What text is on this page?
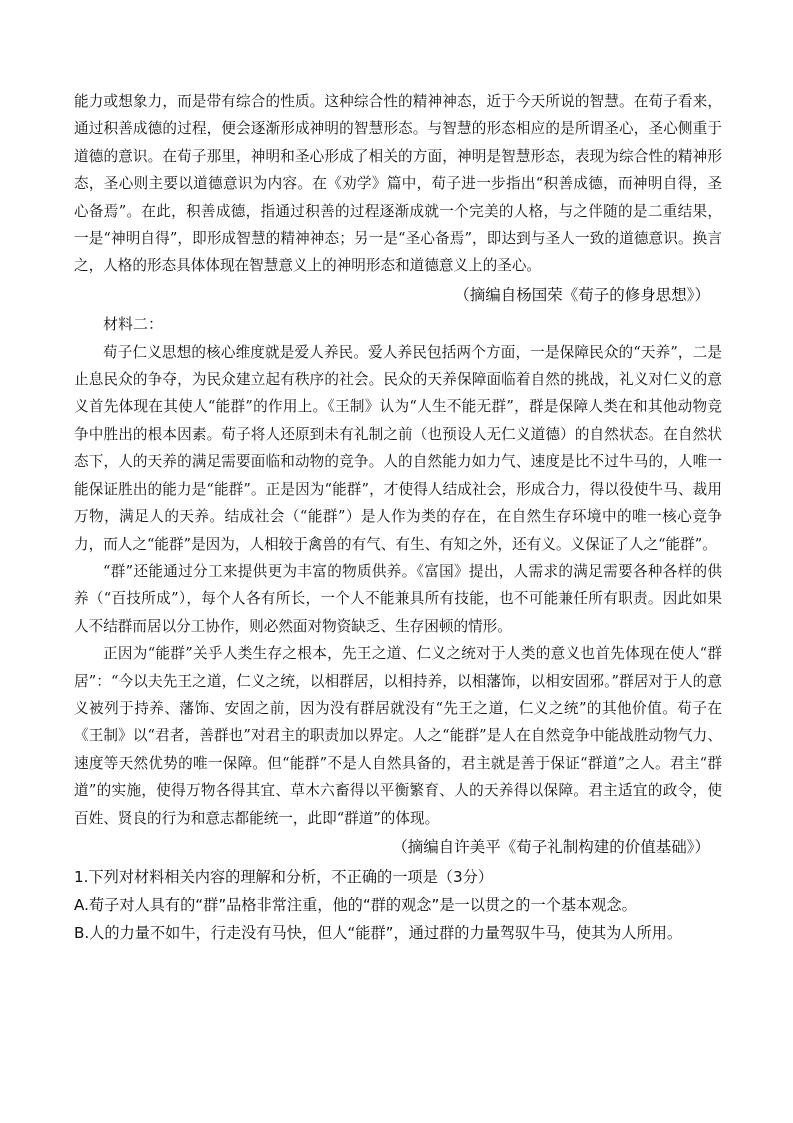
能力或想象力，而是带有综合的性质。这种综合性的精神神态，近于今天所说的智慧。在荀子看来，通过积善成德的过程，便会逐渐形成神明的智慧形态。与智慧的形态相应的是所谓圣心，圣心侧重于道德的意识。在荀子那里，神明和圣心形成了相关的方面，神明是智慧形态，表现为综合性的精神形态，圣心则主要以道德意识为内容。在《劝学》篇中，荀子进一步指出“积善成德，而神明自得，圣心备焉”。在此，积善成德，指通过积善的过程逐渐成就一个完美的人格，与之伴随的是二重结果，一是“神明自得”，即形成智慧的精神神态；另一是“圣心备焉”，即达到与圣人一致的道德意识。换言之，人格的形态具体体现在智慧意义上的神明形态和道德意义上的圣心。

（摘编自杨国荣《荀子的修身思想》）

材料二：

荀子仁义思想的核心维度就是爱人养民。爱人养民包括两个方面，一是保障民众的“天养”，二是止息民众的争夺，为民众建立起有秩序的社会。民众的天养保障面临着自然的挑战，礼义对仁义的意义首先体现在其使人“能群”的作用上。《王制》认为“人生不能无群”，群是保障人类在和其他动物竞争中胜出的根本因素。荀子将人还原到未有礼制之前（也预设人无仁义道德）的自然状态。在自然状态下，人的天养的满足需要面临和动物的竞争。人的自然能力如力气、速度是比不过牛马的，人唯一能保证胜出的能力是“能群”。正是因为“能群”，才使得人结成社会，形成合力，得以役使牛马、裁用万物，满足人的天养。结成社会（“能群”）是人作为类的存在，在自然生存环境中的唯一核心竞争力，而人之“能群”是因为，人相较于禽兽的有气、有生、有知之外，还有义。义保证了人之“能群”。

“群”还能通过分工来提供更为丰富的物质供养。《富国》提出，人需求的满足需要各种各样的供养（“百技所成”），每个人各有所长，一个人不能兼具所有技能，也不可能兼任所有职责。因此如果人不结群而居以分工协作，则必然面对物资缺乏、生存困顿的情形。

正因为“能群”关乎人类生存之根本，先王之道、仁义之统对于人类的意义也首先体现在使人“群居”：“今以夫先王之道，仁义之统，以相群居，以相持养，以相藩饰，以相安固邪。”群居对于人的意义被列于持养、藩饰、安固之前，因为没有群居就没有“先王之道，仁义之统”的其他价值。荀子在《王制》以“君者，善群也”对君主的职责加以界定。人之“能群”是人在自然竞争中能战胜动物气力、速度等天然优势的唯一保障。但“能群”不是人自然具备的，君主就是善于保证“群道”之人。君主“群道”的实施，使得万物各得其宜、草木六畜得以平衡繁育、人的天养得以保障。君主适宜的政令，使百姓、贤良的行为和意志都能统一，此即“群道”的体现。

（摘编自许美平《荀子礼制构建的价值基础》）

1.下列对材料相关内容的理解和分析，不正确的一项是（3分）

A.荀子对人具有的“群”品格非常注重，他的“群的观念”是一以贯之的一个基本观念。

B.人的力量不如牛，行走没有马快，但人“能群”，通过群的力量驾驭牛马，使其为人所用。
